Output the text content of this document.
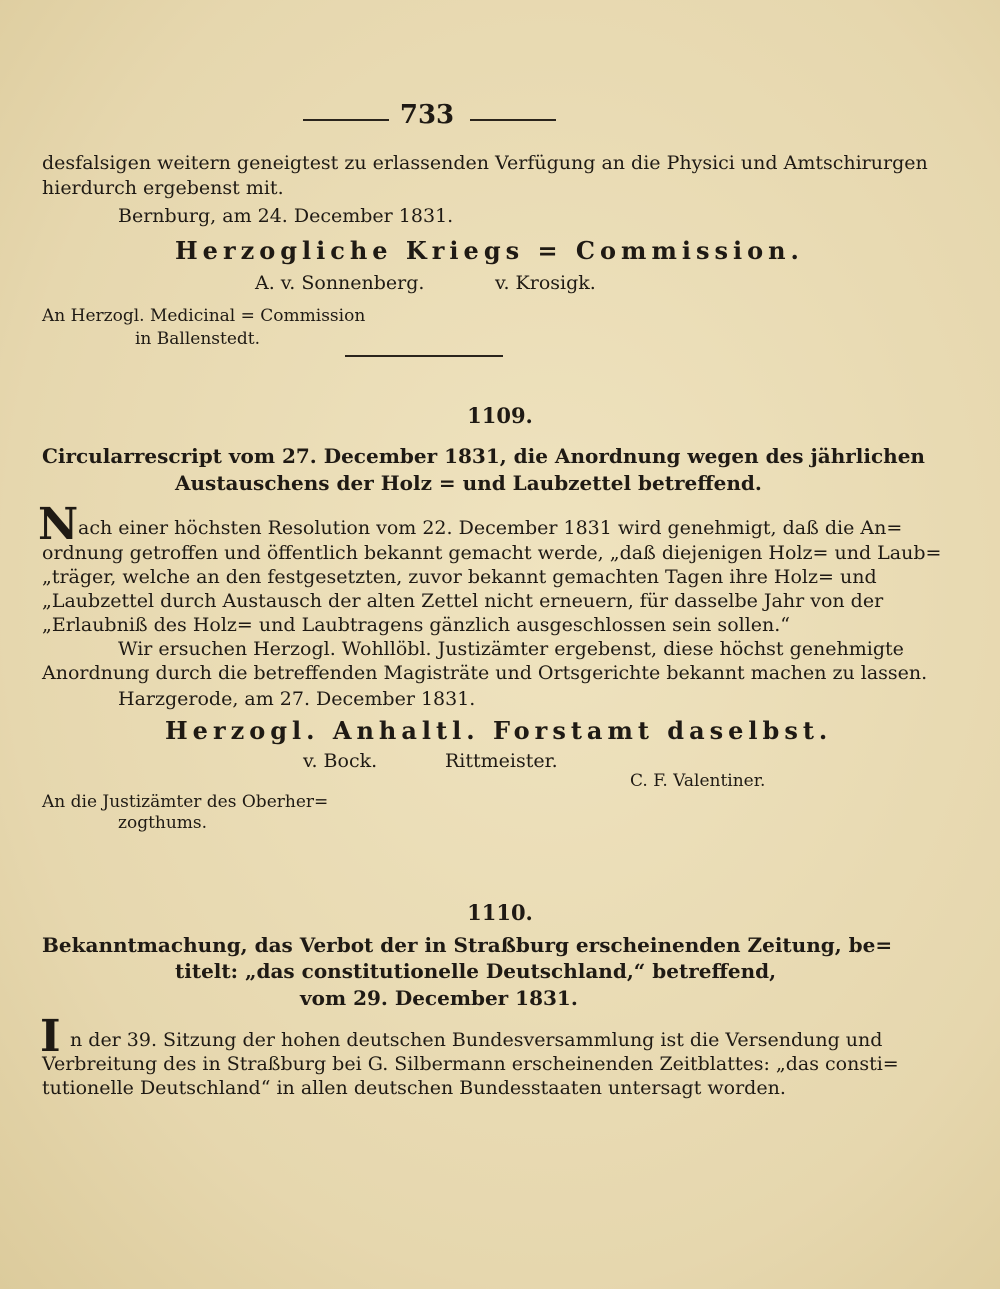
733
desfalsigen weitern geneigtest zu erlassenden Verfügung an die Physici und Amtschirurgen
hierdurch ergebenst mit.
Bernburg, am 24. December 1831.
Herzogliche Kriegs = Commission.
A. v. Sonnenberg.	v. Krosigk.
An Herzogl. Medicinal = Commission
in Ballenstedt.
1109.
Circularrescript vom 27. December 1831, die Anordnung wegen des jährlichen
Austauschens der Holz = und Laubzettel betreffend.
N ach einer höchsten Resolution vom 22. December 1831 wird genehmigt, daß die An=
ordnung getroffen und öffentlich bekannt gemacht werde, „daß diejenigen Holz= und Laub=
„träger, welche an den festgesetzten, zuvor bekannt gemachten Tagen ihre Holz= und
„Laubzettel durch Austausch der alten Zettel nicht erneuern, für dasselbe Jahr von der
„Erlaubniß des Holz= und Laubtragens gänzlich ausgeschlossen sein sollen.“
Wir ersuchen Herzogl. Wohllöbl. Justizämter ergebenst, diese höchst genehmigte
Anordnung durch die betreffenden Magisträte und Ortsgerichte bekannt machen zu lassen.
Harzgerode, am 27. December 1831.
Herzogl. Anhaltl. Forstamt daselbst.
v. Bock.	Rittmeister.
C. F. Valentiner.
An die Justizämter des Oberher=
zogthums.
1110.
Bekanntmachung, das Verbot der in Straßburg erscheinenden Zeitung, be=
titelt: „das constitutionelle Deutschland,“ betreffend,
vom 29. December 1831.
I n der 39. Sitzung der hohen deutschen Bundesversammlung ist die Versendung und
Verbreitung des in Straßburg bei G. Silbermann erscheinenden Zeitblattes: „das consti=
tutionelle Deutschland“ in allen deutschen Bundesstaaten untersagt worden.
